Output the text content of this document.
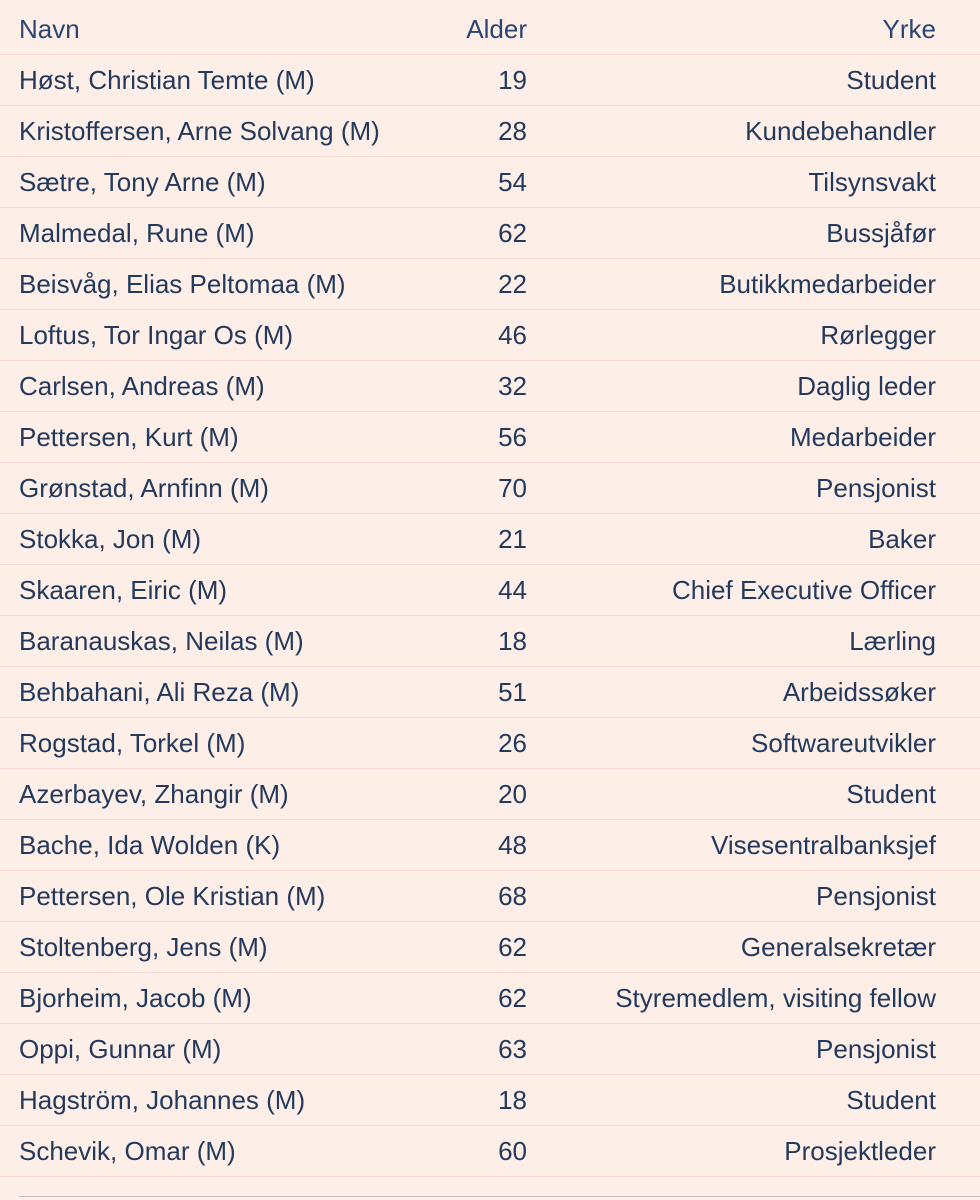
Navn	Alder	Yrke
Høst, Christian Temte (M)	19	Student
Kristoffersen, Arne Solvang (M)	28	Kundebehandler
Sætre, Tony Arne (M)	54	Tilsynsvakt
Malmedal, Rune (M)	62	Bussjåfør
Beisvåg, Elias Peltomaa (M)	22	Butikkmedarbeider
Loftus, Tor Ingar Os (M)	46	Rørlegger
Carlsen, Andreas (M)	32	Daglig leder
Pettersen, Kurt (M)	56	Medarbeider
Grønstad, Arnfinn (M)	70	Pensjonist
Stokka, Jon (M)	21	Baker
Skaaren, Eiric (M)	44	Chief Executive Officer
Baranauskas, Neilas (M)	18	Lærling
Behbahani, Ali Reza (M)	51	Arbeidssøker
Rogstad, Torkel (M)	26	Softwareutvikler
Azerbayev, Zhangir (M)	20	Student
Bache, Ida Wolden (K)	48	Visesentralbanksjef
Pettersen, Ole Kristian (M)	68	Pensjonist
Stoltenberg, Jens (M)	62	Generalsekretær
Bjorheim, Jacob (M)	62	Styremedlem, visiting fellow
Oppi, Gunnar (M)	63	Pensjonist
Hagström, Johannes (M)	18	Student
Schevik, Omar (M)	60	Prosjektleder
